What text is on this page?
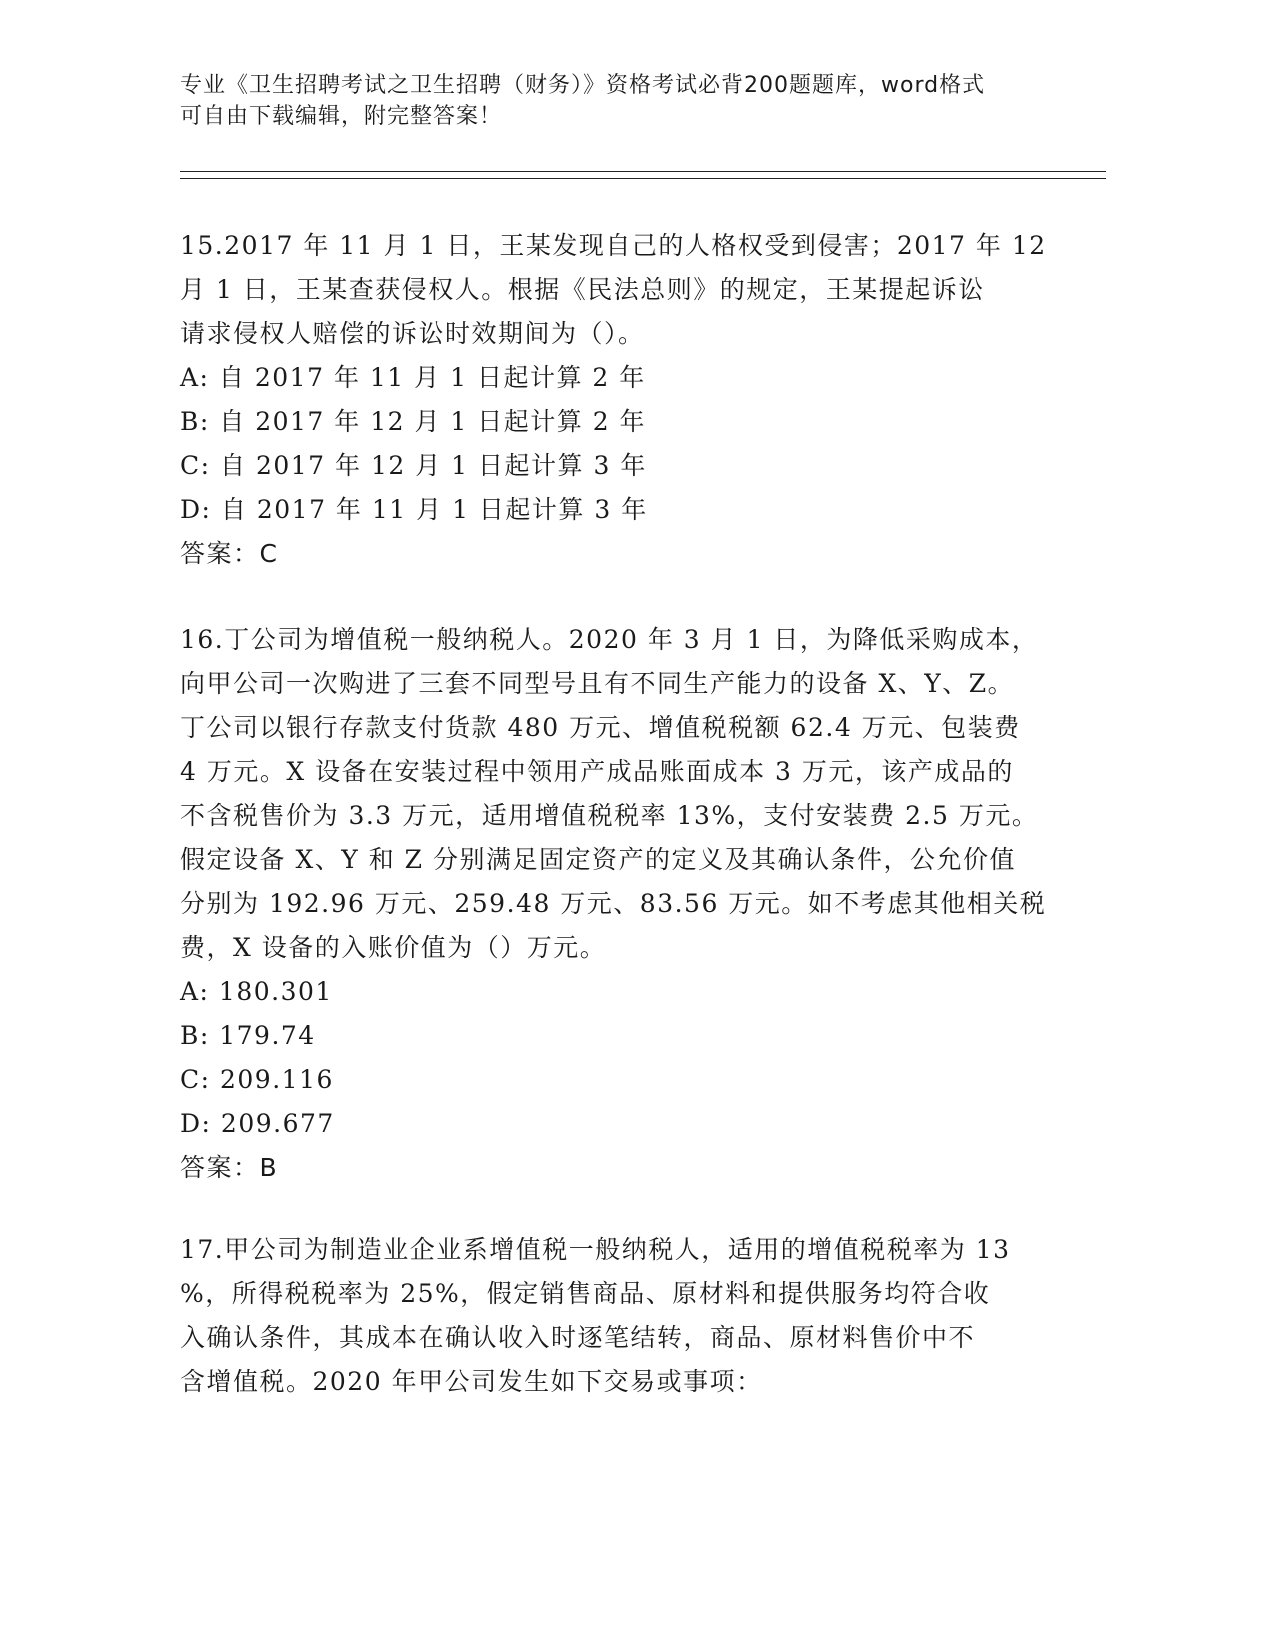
专业《卫生招聘考试之卫生招聘（财务）》资格考试必背200题题库，word格式
可自由下载编辑，附完整答案！
15.2017 年 11 月 1 日，王某发现自己的人格权受到侵害；2017 年 12
月 1 日，王某查获侵权人。根据《民法总则》的规定，王某提起诉讼
请求侵权人赔偿的诉讼时效期间为（）。
A: 自 2017 年 11 月 1 日起计算 2 年
B: 自 2017 年 12 月 1 日起计算 2 年
C: 自 2017 年 12 月 1 日起计算 3 年
D: 自 2017 年 11 月 1 日起计算 3 年
答案：C
16.丁公司为增值税一般纳税人。2020 年 3 月 1 日，为降低采购成本，
向甲公司一次购进了三套不同型号且有不同生产能力的设备 X、Y、Z。
丁公司以银行存款支付货款 480 万元、增值税税额 62.4 万元、包装费
4 万元。X 设备在安装过程中领用产成品账面成本 3 万元，该产成品的
不含税售价为 3.3 万元，适用增值税税率 13%，支付安装费 2.5 万元。
假定设备 X、Y 和 Z 分别满足固定资产的定义及其确认条件，公允价值
分别为 192.96 万元、259.48 万元、83.56 万元。如不考虑其他相关税
费，X 设备的入账价值为（）万元。
A: 180.301
B: 179.74
C: 209.116
D: 209.677
答案：B
17.甲公司为制造业企业系增值税一般纳税人，适用的增值税税率为 13
%，所得税税率为 25%，假定销售商品、原材料和提供服务均符合收
入确认条件，其成本在确认收入时逐笔结转，商品、原材料售价中不
含增值税。2020 年甲公司发生如下交易或事项：
